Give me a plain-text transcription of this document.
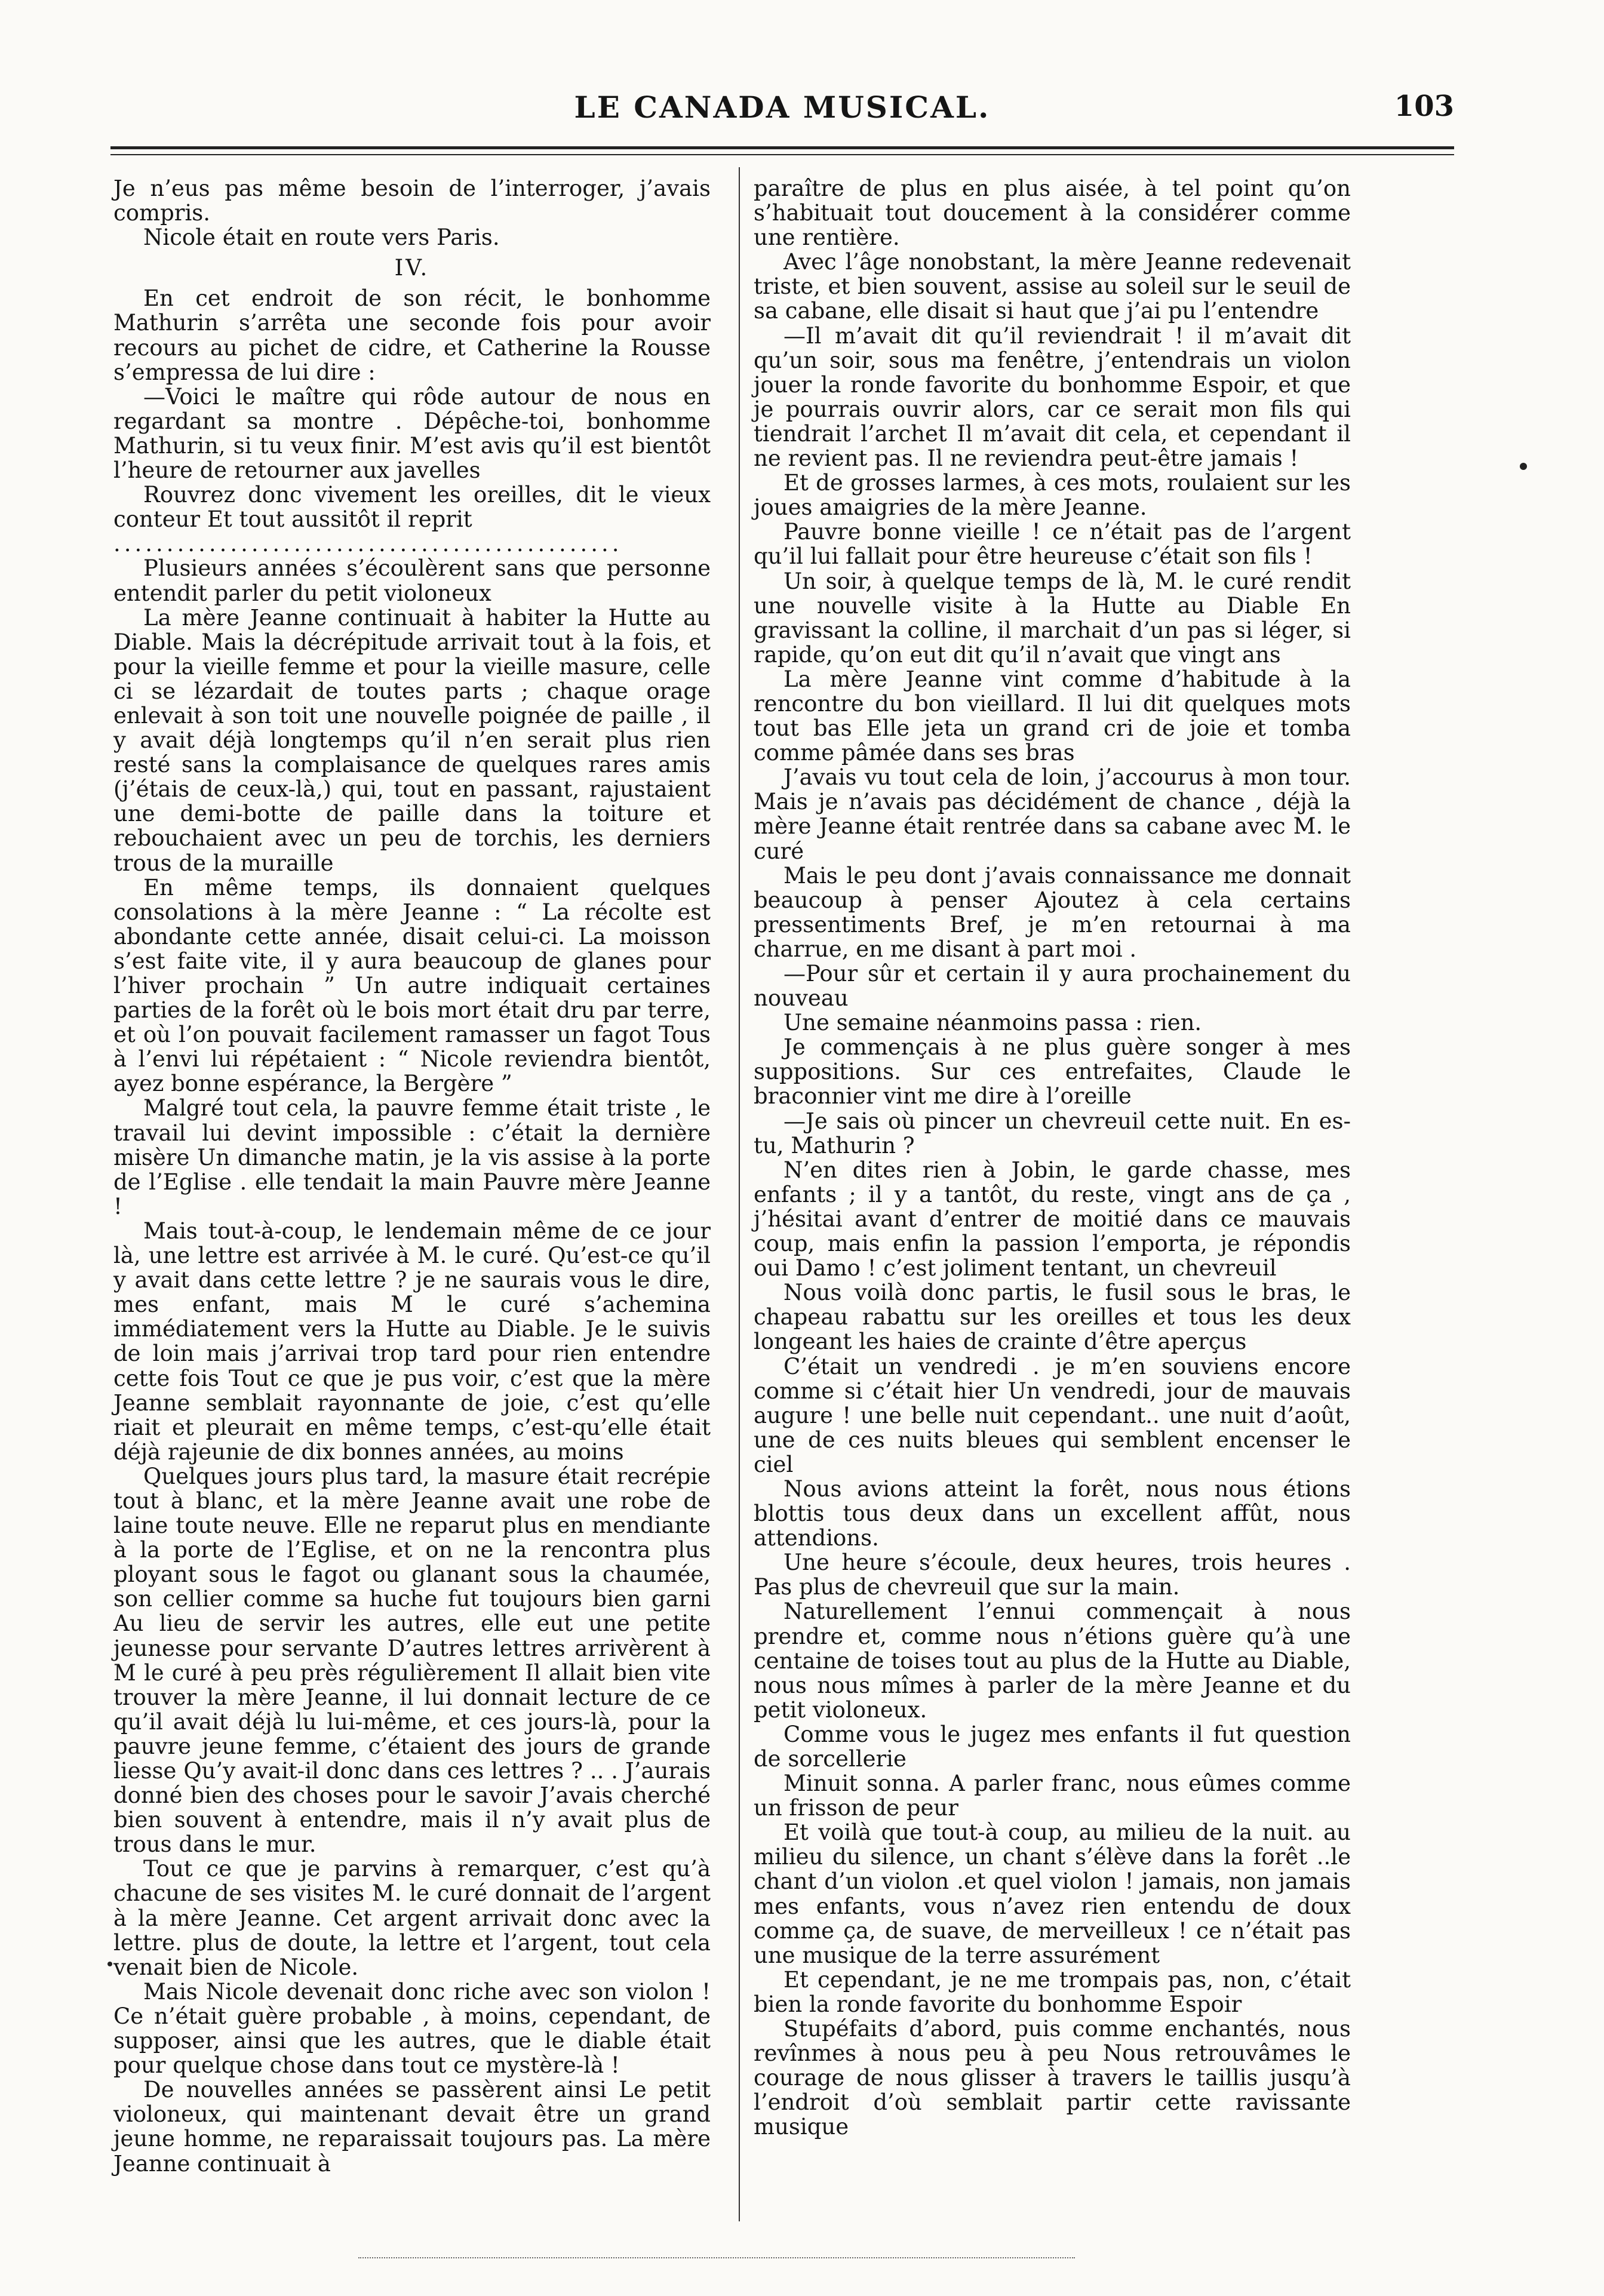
LE CANADA MUSICAL.	103

Je n’eus pas même besoin de l’interroger, j’avais compris.

Nicole était en route vers Paris.

IV.

En cet endroit de son récit, le bonhomme Mathurin s’arrêta une seconde fois pour avoir recours au pichet de cidre, et Catherine la Rousse s’empressa de lui dire :

—Voici le maître qui rôde autour de nous en regardant sa montre . Dépêche-toi, bonhomme Mathurin, si tu veux finir. M’est avis qu’il est bientôt l’heure de retourner aux javelles

Rouvrez donc vivement les oreilles, dit le vieux conteur Et tout aussitôt il reprit

................................................

Plusieurs années s’écoulèrent sans que personne entendit parler du petit violoneux

La mère Jeanne continuait à habiter la Hutte au Diable. Mais la décrépitude arrivait tout à la fois, et pour la vieille femme et pour la vieille masure, celle ci se lézardait de toutes parts ; chaque orage enlevait à son toit une nouvelle poignée de paille , il y avait déjà longtemps qu’il n’en serait plus rien resté sans la complaisance de quelques rares amis (j’étais de ceux-là,) qui, tout en passant, rajustaient une demi-botte de paille dans la toiture et rebouchaient avec un peu de torchis, les derniers trous de la muraille

En même temps, ils donnaient quelques consolations à la mère Jeanne : “ La récolte est abondante cette année, disait celui-ci. La moisson s’est faite vite, il y aura beaucoup de glanes pour l’hiver prochain ” Un autre indiquait certaines parties de la forêt où le bois mort était dru par terre, et où l’on pouvait facilement ramasser un fagot Tous à l’envi lui répétaient : “ Nicole reviendra bientôt, ayez bonne espérance, la Bergère ”

Malgré tout cela, la pauvre femme était triste , le travail lui devint impossible : c’était la dernière misère Un dimanche matin, je la vis assise à la porte de l’Eglise . elle tendait la main Pauvre mère Jeanne !

Mais tout-à-coup, le lendemain même de ce jour là, une lettre est arrivée à M. le curé. Qu’est-ce qu’il y avait dans cette lettre ? je ne saurais vous le dire, mes enfant, mais M le curé s’achemina immédiatement vers la Hutte au Diable. Je le suivis de loin mais j’arrivai trop tard pour rien entendre cette fois Tout ce que je pus voir, c’est que la mère Jeanne semblait rayonnante de joie, c’est qu’elle riait et pleurait en même temps, c’est-qu’elle était déjà rajeunie de dix bonnes années, au moins

Quelques jours plus tard, la masure était recrépie tout à blanc, et la mère Jeanne avait une robe de laine toute neuve. Elle ne reparut plus en mendiante à la porte de l’Eglise, et on ne la rencontra plus ployant sous le fagot ou glanant sous la chaumée, son cellier comme sa huche fut toujours bien garni Au lieu de servir les autres, elle eut une petite jeunesse pour servante D’autres lettres arrivèrent à M le curé à peu près régulièrement Il allait bien vite trouver la mère Jeanne, il lui donnait lecture de ce qu’il avait déjà lu lui-même, et ces jours-là, pour la pauvre jeune femme, c’étaient des jours de grande liesse Qu’y avait-il donc dans ces lettres ? .. . J’aurais donné bien des choses pour le savoir J’avais cherché bien souvent à entendre, mais il n’y avait plus de trous dans le mur.

Tout ce que je parvins à remarquer, c’est qu’à chacune de ses visites M. le curé donnait de l’argent à la mère Jeanne. Cet argent arrivait donc avec la lettre. plus de doute, la lettre et l’argent, tout cela venait bien de Nicole.

Mais Nicole devenait donc riche avec son violon ! Ce n’était guère probable , à moins, cependant, de supposer, ainsi que les autres, que le diable était pour quelque chose dans tout ce mystère-là !

De nouvelles années se passèrent ainsi Le petit violoneux, qui maintenant devait être un grand jeune homme, ne reparaissait toujours pas. La mère Jeanne continuait à

paraître de plus en plus aisée, à tel point qu’on s’habituait tout doucement à la considérer comme une rentière.

Avec l’âge nonobstant, la mère Jeanne redevenait triste, et bien souvent, assise au soleil sur le seuil de sa cabane, elle disait si haut que j’ai pu l’entendre

—Il m’avait dit qu’il reviendrait ! il m’avait dit qu’un soir, sous ma fenêtre, j’entendrais un violon jouer la ronde favorite du bonhomme Espoir, et que je pourrais ouvrir alors, car ce serait mon fils qui tiendrait l’archet Il m’avait dit cela, et cependant il ne revient pas. Il ne reviendra peut-être jamais !

Et de grosses larmes, à ces mots, roulaient sur les joues amaigries de la mère Jeanne.

Pauvre bonne vieille ! ce n’était pas de l’argent qu’il lui fallait pour être heureuse c’était son fils !

Un soir, à quelque temps de là, M. le curé rendit une nouvelle visite à la Hutte au Diable En gravissant la colline, il marchait d’un pas si léger, si rapide, qu’on eut dit qu’il n’avait que vingt ans

La mère Jeanne vint comme d’habitude à la rencontre du bon vieillard. Il lui dit quelques mots tout bas Elle jeta un grand cri de joie et tomba comme pâmée dans ses bras

J’avais vu tout cela de loin, j’accourus à mon tour. Mais je n’avais pas décidément de chance , déjà la mère Jeanne était rentrée dans sa cabane avec M. le curé

Mais le peu dont j’avais connaissance me donnait beaucoup à penser Ajoutez à cela certains pressentiments Bref, je m’en retournai à ma charrue, en me disant à part moi .

—Pour sûr et certain il y aura prochainement du nouveau

Une semaine néanmoins passa : rien.

Je commençais à ne plus guère songer à mes suppositions. Sur ces entrefaites, Claude le braconnier vint me dire à l’oreille

—Je sais où pincer un chevreuil cette nuit. En es-tu, Mathurin ?

N’en dites rien à Jobin, le garde chasse, mes enfants ; il y a tantôt, du reste, vingt ans de ça , j’hésitai avant d’entrer de moitié dans ce mauvais coup, mais enfin la passion l’emporta, je répondis oui Damo ! c’est joliment tentant, un chevreuil

Nous voilà donc partis, le fusil sous le bras, le chapeau rabattu sur les oreilles et tous les deux longeant les haies de crainte d’être aperçus

C’était un vendredi . je m’en souviens encore comme si c’était hier Un vendredi, jour de mauvais augure ! une belle nuit cependant.. une nuit d’août, une de ces nuits bleues qui semblent encenser le ciel

Nous avions atteint la forêt, nous nous étions blottis tous deux dans un excellent affût, nous attendions.

Une heure s’écoule, deux heures, trois heures . Pas plus de chevreuil que sur la main.

Naturellement l’ennui commençait à nous prendre et, comme nous n’étions guère qu’à une centaine de toises tout au plus de la Hutte au Diable, nous nous mîmes à parler de la mère Jeanne et du petit violoneux.

Comme vous le jugez mes enfants il fut question de sorcellerie

Minuit sonna. A parler franc, nous eûmes comme un frisson de peur

Et voilà que tout-à coup, au milieu de la nuit. au milieu du silence, un chant s’élève dans la forêt ..le chant d’un violon .et quel violon ! jamais, non jamais mes enfants, vous n’avez rien entendu de doux comme ça, de suave, de merveilleux ! ce n’était pas une musique de la terre assurément

Et cependant, je ne me trompais pas, non, c’était bien la ronde favorite du bonhomme Espoir

Stupéfaits d’abord, puis comme enchantés, nous revînmes à nous peu à peu Nous retrouvâmes le courage de nous glisser à travers le taillis jusqu’à l’endroit d’où semblait partir cette ravissante musique
